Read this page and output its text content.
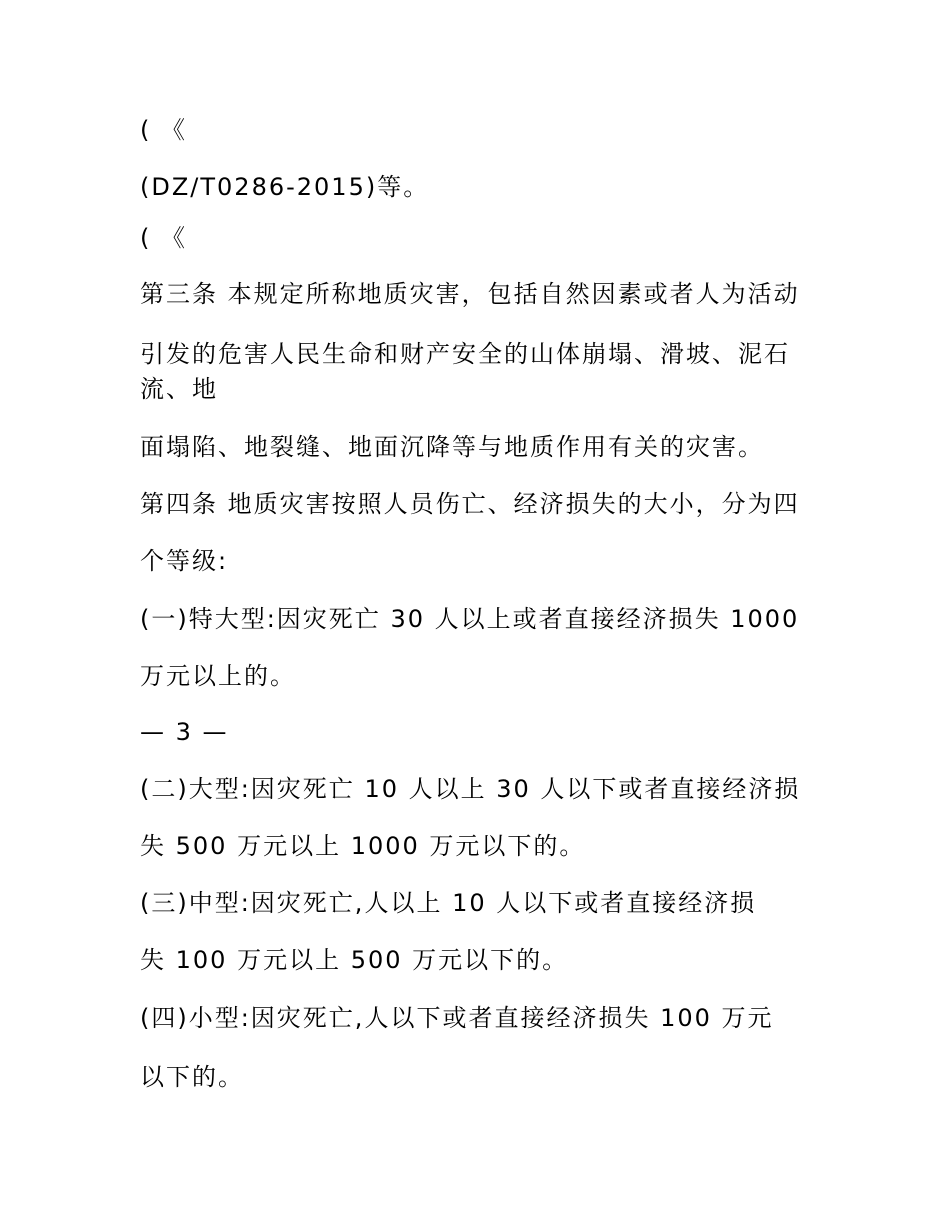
( 《
(DZ/T0286-2015)等。
( 《
第三条 本规定所称地质灾害，包括自然因素或者人为活动
引发的危害人民生命和财产安全的山体崩塌、滑坡、泥石
流、地
面塌陷、地裂缝、地面沉降等与地质作用有关的灾害。
第四条 地质灾害按照人员伤亡、经济损失的大小，分为四
个等级:
(一)特大型:因灾死亡 30 人以上或者直接经济损失 1000
万元以上的。
— 3 —
(二)大型:因灾死亡 10 人以上 30 人以下或者直接经济损
失 500 万元以上 1000 万元以下的。
(三)中型:因灾死亡,人以上 10 人以下或者直接经济损
失 100 万元以上 500 万元以下的。
(四)小型:因灾死亡,人以下或者直接经济损失 100 万元
以下的。
